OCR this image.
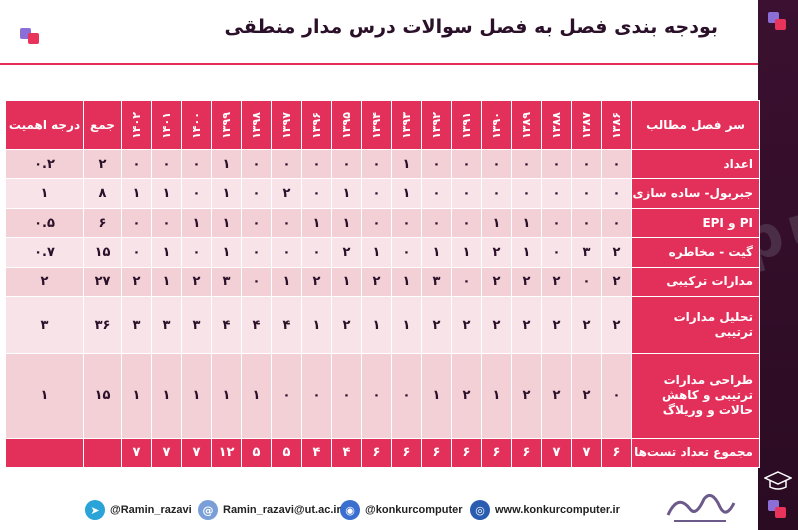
بودجه بندی فصل به فصل سوالات درس مدار منطقی
سر فصل مطالب	۱۳۸۶	۱۳۸۷	۱۳۸۸	۱۳۸۹	۱۳۹۰	۱۳۹۱	۱۳۹۲	۱۳۹۳	۱۳۹۴	۱۳۹۵	۱۳۹۶	۱۳۹۷	۱۳۹۸	۱۳۹۹	۱۴۰۰	۱۴۰۱	۱۴۰۲	جمع	درجه اهمیت
اعداد	۰	۰	۰	۰	۰	۰	۰	۱	۰	۰	۰	۰	۰	۱	۰	۰	۰	۲	۰.۲
جبربول- ساده سازی	۰	۰	۰	۰	۰	۰	۰	۱	۰	۱	۰	۲	۰	۱	۰	۱	۱	۸	۱
PI و EPI	۰	۰	۰	۱	۱	۰	۰	۰	۰	۱	۱	۰	۰	۱	۱	۰	۰	۶	۰.۵
گیت - مخاطره	۲	۳	۰	۱	۲	۱	۱	۰	۱	۲	۰	۰	۰	۱	۰	۱	۰	۱۵	۰.۷
مدارات ترکیبی	۲	۰	۲	۲	۲	۰	۳	۱	۲	۱	۲	۱	۰	۳	۲	۱	۲	۲۷	۲
تحلیل مدارات ترتیبی	۲	۲	۲	۲	۲	۲	۲	۱	۱	۲	۱	۴	۴	۴	۳	۳	۳	۳۶	۳
طراحی مدارات ترتیبی و کاهش حالات و وریلاگ	۰	۲	۲	۲	۱	۲	۱	۰	۰	۰	۰	۰	۱	۱	۱	۱	۱	۱۵	۱
مجموع تعداد تست‌ها	۶	۷	۷	۶	۶	۶	۶	۶	۶	۴	۴	۵	۵	۱۲	۷	۷	۷		
◎ www.konkurcomputer.ir
◉ @konkurcomputer
@ Ramin_razavi@ut.ac.ir
➤ @Ramin_razavi
